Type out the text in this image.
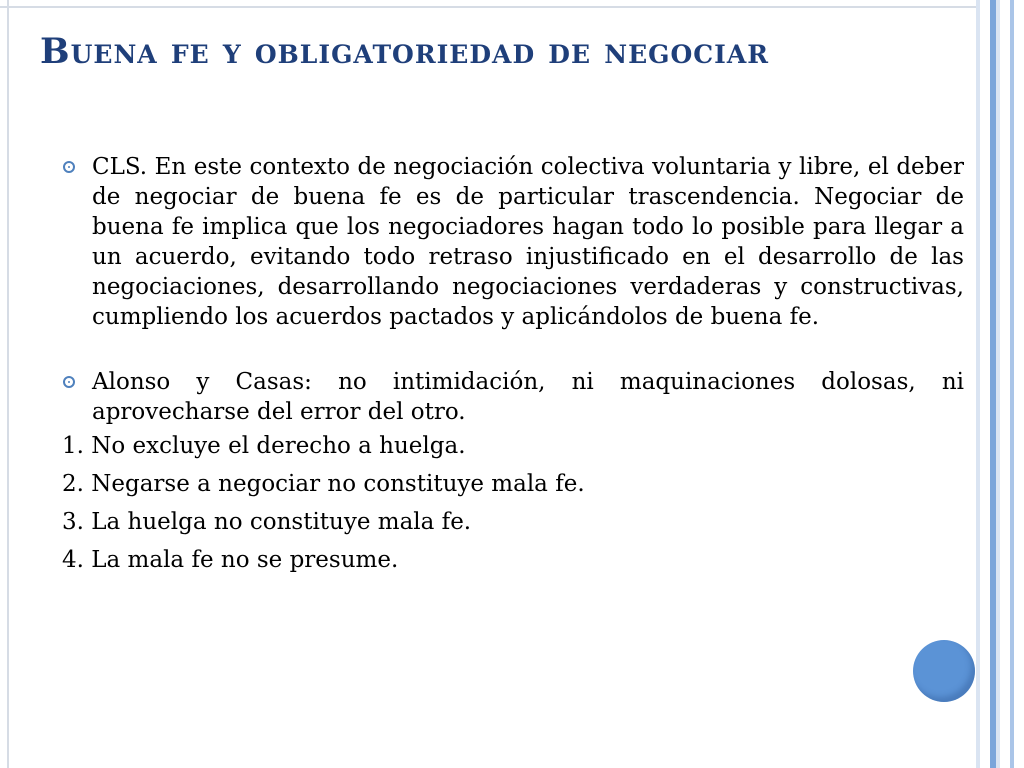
Buena fe y obligatoriedad de negociar
CLS. En este contexto de negociación colectiva voluntaria y libre, el deber de negociar de buena fe es de particular trascendencia. Negociar de buena fe implica que los negociadores hagan todo lo posible para llegar a un acuerdo, evitando todo retraso injustificado en el desarrollo de las negociaciones, desarrollando negociaciones verdaderas y constructivas, cumpliendo los acuerdos pactados y aplicándolos de buena fe.
Alonso y Casas: no intimidación, ni maquinaciones dolosas, ni aprovecharse del error del otro.
1. No excluye el derecho a huelga.
2. Negarse a negociar no constituye mala fe.
3. La huelga no constituye mala fe.
4. La mala fe no se presume.
